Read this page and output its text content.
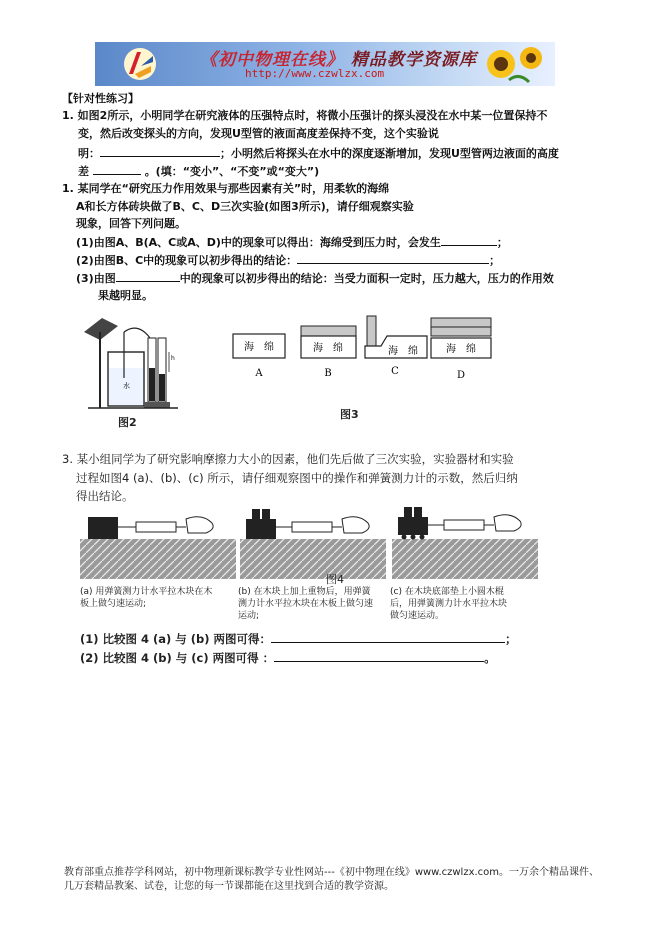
《初中物理在线》 精品教学资源库
http://www.czwlzx.com
【针对性练习】
1. 如图2所示，小明同学在研究液体的压强特点时，将微小压强计的探头浸没在水中某一位置保持不
变，然后改变探头的方向，发现U型管的液面高度差保持不变，这个实验说
明：	；小明然后将探头在水中的深度逐渐增加，发现U型管两边液面的高度
差	。(填：“变小”、“不变”或“变大”)
1. 某同学在“研究压力作用效果与那些因素有关”时，用柔软的海绵
A和长方体砖块做了B、C、D三次实验(如图3所示)，请仔细观察实验
现象，回答下列问题。
(1)由图A、B(A、C或A、D)中的现象可以得出：海绵受到压力时，会发生	；
(2)由图B、C中的现象可以初步得出的结论：	；
(3)由图	中的现象可以初步得出的结论：当受力面积一定时，压力越大，压力的作用效
果越明显。
水
h
图2
海　绵	海　绵	海　绵	海　绵
A	B	C	D
图3
3. 某小组同学为了研究影响摩擦力大小的因素，他们先后做了三次实验，实验器材和实验
过程如图4 (a)、(b)、(c) 所示，请仔细观察图中的操作和弹簧测力计的示数，然后归纳
得出结论。
图4
(a) 用弹簧测力计水平拉木块在木
板上做匀速运动;
(b) 在木块上加上重物后，用弹簧
测力计水平拉木块在木板上做匀速
运动;
(c) 在木块底部垫上小圆木棍
后，用弹簧测力计水平拉木块
做匀速运动。
(1) 比较图 4 (a) 与 (b) 两图可得：	；
(2) 比较图 4 (b) 与 (c) 两图可得 ：	。
教育部重点推荐学科网站，初中物理新课标教学专业性网站---《初中物理在线》www.czwlzx.com。一万余个精品课件、
几万套精品教案、试卷，让您的每一节课都能在这里找到合适的教学资源。
